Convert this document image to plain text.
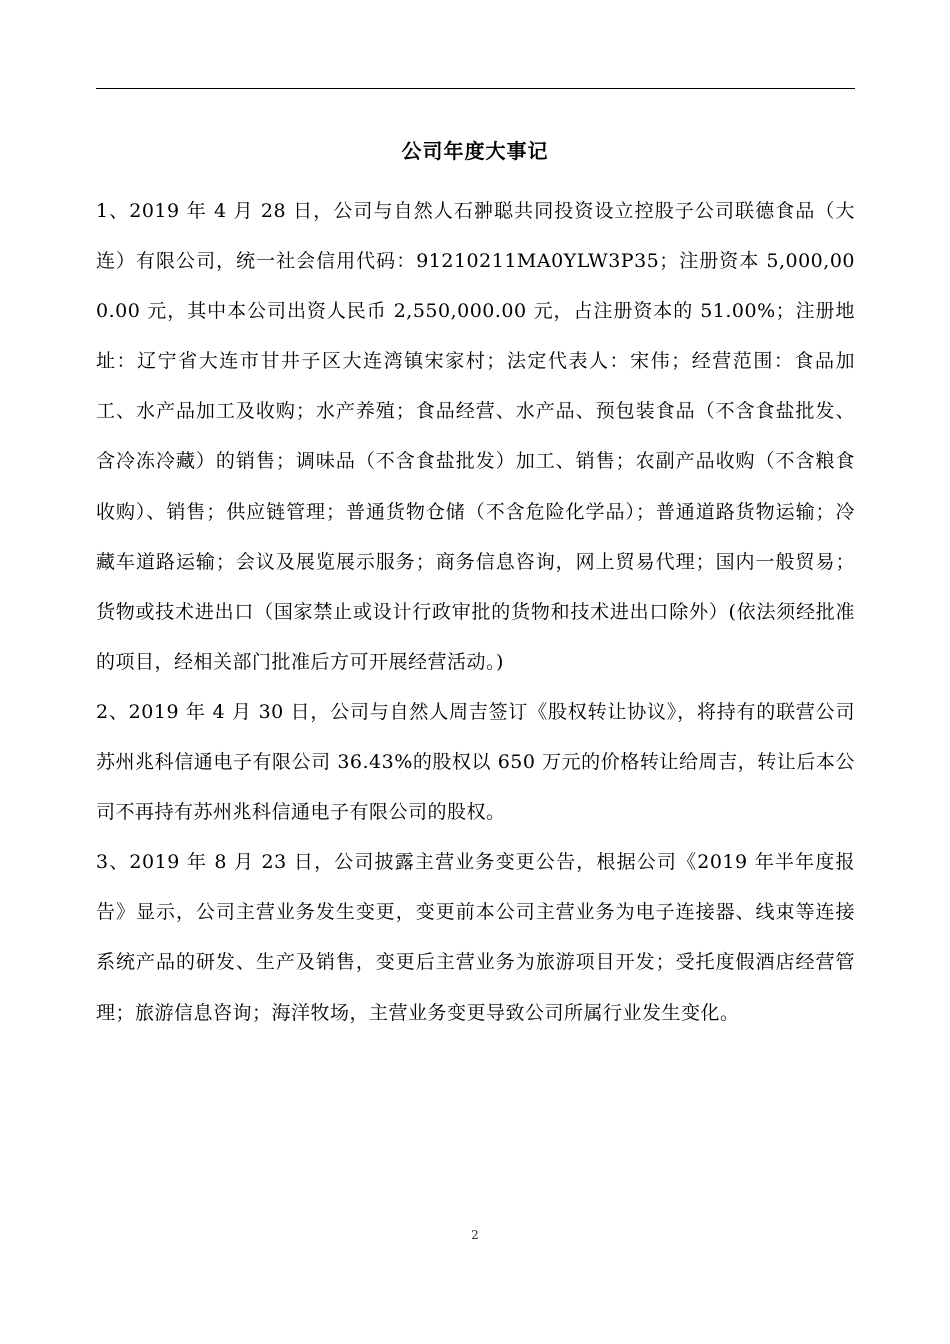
公司年度大事记

1、2019 年 4 月 28 日，公司与自然人石翀聪共同投资设立控股子公司联德食品（大连）有限公司，统一社会信用代码：91210211MA0YLW3P35；注册资本 5,000,000.00 元，其中本公司出资人民币 2,550,000.00 元，占注册资本的 51.00%；注册地址：辽宁省大连市甘井子区大连湾镇宋家村；法定代表人：宋伟；经营范围：食品加工、水产品加工及收购；水产养殖；食品经营、水产品、预包装食品（不含食盐批发、含冷冻冷藏）的销售；调味品（不含食盐批发）加工、销售；农副产品收购（不含粮食收购）、销售；供应链管理；普通货物仓储（不含危险化学品）；普通道路货物运输；冷藏车道路运输；会议及展览展示服务；商务信息咨询，网上贸易代理；国内一般贸易；货物或技术进出口（国家禁止或设计行政审批的货物和技术进出口除外）(依法须经批准的项目，经相关部门批准后方可开展经营活动。)

2、2019 年 4 月 30 日，公司与自然人周吉签订《股权转让协议》，将持有的联营公司苏州兆科信通电子有限公司 36.43%的股权以 650 万元的价格转让给周吉，转让后本公司不再持有苏州兆科信通电子有限公司的股权。

3、2019 年 8 月 23 日，公司披露主营业务变更公告，根据公司《2019 年半年度报告》显示，公司主营业务发生变更，变更前本公司主营业务为电子连接器、线束等连接系统产品的研发、生产及销售，变更后主营业务为旅游项目开发；受托度假酒店经营管理；旅游信息咨询；海洋牧场，主营业务变更导致公司所属行业发生变化。

2
